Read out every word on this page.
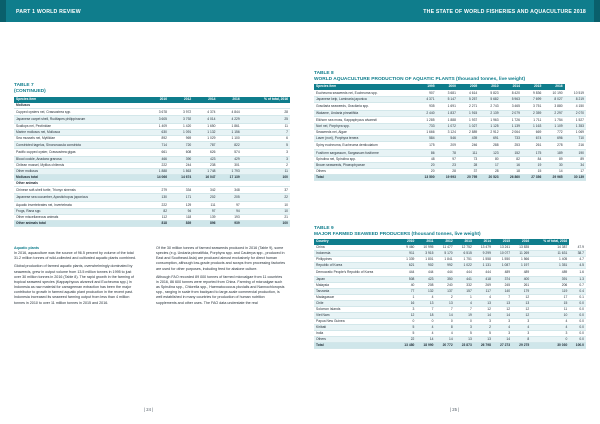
PART 1 WORLD REVIEW
TABLE 7
(CONTINUED)
Species item	2010	2012	2014	2016	% of total, 2016
Molluscs					
Cupped oysters nei, Crassostrea spp.	3 678	3 972	4 374	4 844	28
Japanese carpet shell, Ruditapes philippinarum	3 605	3 792	4 014	4 229	25
Scallops nei, Pectinidae	1 409	1 420	1 650	1 861	11
Marine molluscs nei, Mollusca	630	1 091	1 132	1 156	7
Sea mussels nei, Mytilidae	892	969	1 029	1 100	6
Constricted tagelus, Sinonovacula constricta	714	720	787	822	5
Pacific cupped oyster, Crassostrea gigas	661	608	626	574	3
Blood cockle, Anadara granosa	466	390	423	429	3
Chilean mussel, Mytilus chilensis	222	244	238	301	2
Other molluscs	1 888	1 863	1 748	1 793	11
Molluscs total	14 066	14 674	16 047	17 139	100
Other animals					
Chinese soft-shell turtle, Trionyx sinensis	279	334	342	348	37
Japanese sea cucumber, Apostichopus japonicus	130	171	202	205	22
Aquatic invertebrates nei, Invertebrata	222	129	111	97	10
Frogs, Rana spp.	82	94	97	94	10
Other miscellaneous animals	112	118	139	193	21
Other animals total	818	839	896	939	100
Aquatic plants

In 2016, aquaculture was the source of 96.5 percent by volume of the total 31.2 million tonnes of wild-collected and cultivated aquatic plants combined.

Global production of farmed aquatic plants, overwhelmingly dominated by seaweeds, grew in output volume from 13.5 million tonnes in 1995 to just over 30 million tonnes in 2016 (Table 8). The rapid growth in the farming of tropical seaweed species (Kappaphycus alvarezii and Eucheuma spp.) in Indonesia as raw material for carrageenan extraction has been the major contributor to growth in farmed aquatic plant production in the recent past. Indonesia increased its seaweed farming output from less than 4 million tonnes in 2010 to over 11 million tonnes in 2015 and 2016.

Of the 30 million tonnes of farmed seaweeds produced in 2016 (Table 9), some species (e.g. Undaria pinnatifida, Porphyra spp. and Caulerpa spp., produced in East and Southeast Asia) are produced almost exclusively for direct human consumption, although low-grade products and scraps from processing factories are used for other purposes, including feed for abalone culture.

Although FAO recorded 89 000 tonnes of farmed microalgae from 11 countries in 2016, 86 600 tonnes were reported from China. Farming of microalgae such as Spirulina spp., Chlorella spp., Haematococcus pluvialis and Nannochloropsis spp., ranging in scale from backyard to large-scale commercial production, is well established in many countries for production of human nutrition supplements and other uses. The FAO data understate the real

| 24 |
THE STATE OF WORLD FISHERIES AND AQUACULTURE 2018
TABLE 8
WORLD AQUACULTURE PRODUCTION OF AQUATIC PLANTS (thousand tonnes, live weight)
Species item	1995	2000	2005	2010	2014	2015	2016	
Eucheuma seaweeds nei, Eucheuma spp.	907	3 681	4 614	5 823	8 420	9 836	10 190	10 519
Japanese kelp, Laminaria japonica	4 371	5 147	5 257	5 682	5 963	7 699	8 027	8 219
Gracilaria seaweeds, Gracilaria spp.	935	1 691	2 271	2 743	3 465	3 751	3 880	4 150
Wakame, Undaria pinnatifida	2 440	1 837	1 915	2 139	2 079	2 359	2 297	2 070
Elkhorn sea moss, Kappaphycus alvarezii	1 285	1 888	1 937	1 963	1 726	1 711	1 754	1 527
Nori nei, Porphyra spp.	733	1 072	1 027	1 125	1 139	1 163	1 109	1 353
Seaweeds nei, Algae	1 666	3 124	2 889	2 912	2 064	669	772	1 069
Laver (nori), Porphyra tenera	584	546	439	691	733	674	696	710
Spiny eucheuma, Eucheuma denticulatum	175	209	246	288	253	261	278	216
Fusiform sargassum, Sargassum fusiforme	86	78	111	123	152	175	189	190
Spirulina nei, Spirulina spp.	48	97	73	80	82	84	89	89
Brown seaweeds, Phaeophyceae	20	23	28	17	16	19	30	34
Others	20	28	37	28	18	15	14	17
Total	13 500	19 993	20 795	20 523	26 860	27 356	29 965	30 139
TABLE 9
MAJOR FARMED SEAWEED PRODUCERS (thousand tonnes, live weight)
Country	2010	2011	2012	2013	2014	2015	2016	% of total, 2016	
China	9 460	10 995	11 477	12 752	13 479	13 241	13 835	14 387	47.9
Indonesia	911	3 915	5 170	6 515	9 299	10 077	11 269	11 631	38.7
Philippines	1 339	1 801	1 841	1 751	1 558	1 550	1 566	1 405	4.7
Republic of Korea	621	902	992	1 022	1 131	1 087	1 197	1 351	4.5
Democratic People's Republic of Korea	444	444	444	444	444	489	489	489	1.6
Japan	508	423	350	441	418	374	400	391	1.3
Malaysia	40	208	240	332	269	245	261	206	0.7
Tanzania	77	132	137	157	117	140	179	119	0.4
Madagascar	1	4	2	1	4	7	12	17	0.1
Chile	16	13	13	4	13	13	13	15	0.0
Solomon Islands	3	7	7	7	12	12	12	11	0.0
Viet Nam	12	18	14	19	14	14	12	10	0.0
Papua New Guinea	0	0	0	0	3	3	3	4	0.0
Kiribati	5	4	8	3	2	4	4	4	0.0
India	5	4	4	5	5	3	3	3	0.0
Others	22	14	14	13	13	14	8	0	0.0
Total	13 480	18 990	20 772	23 873	26 798	27 273	29 275	30 030	100.0
| 25 |
